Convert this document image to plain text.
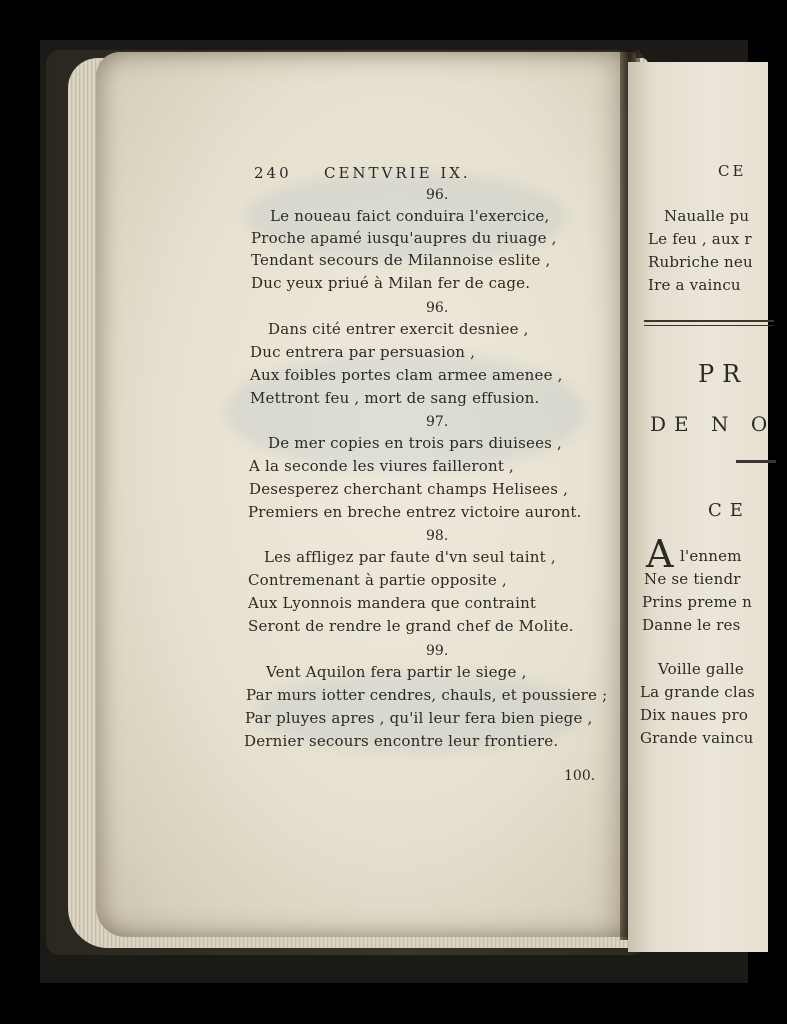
240 CENTVRIE IX.
96.
Le noueau faict conduira l'exercice,
Proche apamé iusqu'aupres du riuage ,
Tendant secours de Milannoise eslite ,
Duc yeux priué à Milan fer de cage.
96.
Dans cité entrer exercit desniee ,
Duc entrera par persuasion ,
Aux foibles portes clam armee amenee ,
Mettront feu , mort de sang effusion.
97.
De mer copies en trois pars diuisees ,
A la seconde les viures failleront ,
Desesperez cherchant champs Helisees ,
Premiers en breche entrez victoire auront.
98.
Les affligez par faute d'vn seul taint ,
Contremenant à partie opposite ,
Aux Lyonnois mandera que contraint
Seront de rendre le grand chef de Molite.
99.
Vent Aquilon fera partir le siege ,
Par murs iotter cendres, chauls, et poussiere ;
Par pluyes apres , qu'il leur fera bien piege ,
Dernier secours encontre leur frontiere.
100.
CE
Naualle pu
Le feu , aux r
Rubriche neu
Ire a vaincu
PR
DE N O
CE
A l'ennem
Ne se tiendr
Prins preme n
Danne le res
Voille galle
La grande clas
Dix naues pro
Grande vaincu
